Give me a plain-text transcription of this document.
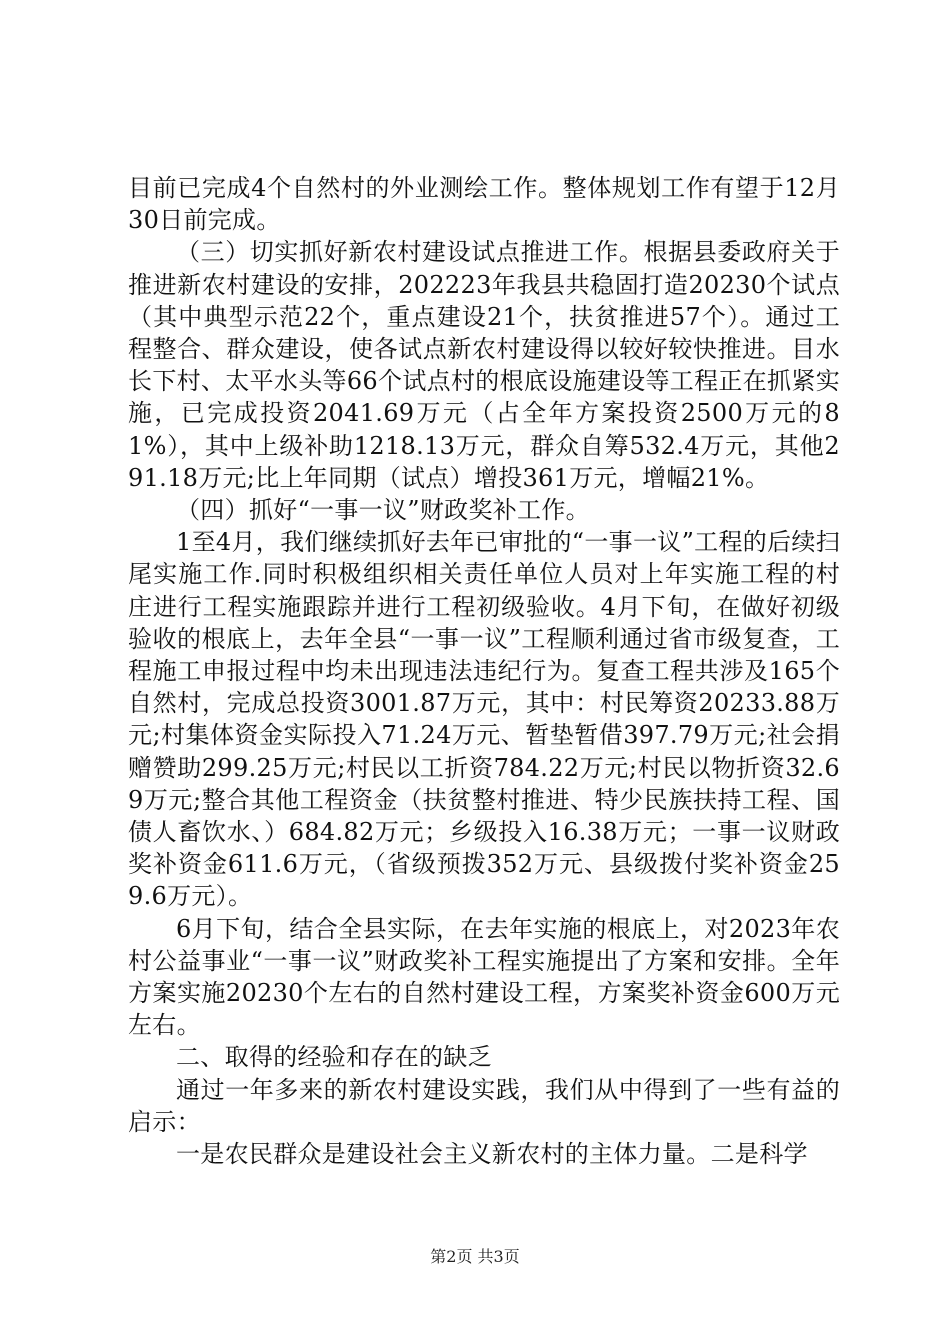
目前已完成4个自然村的外业测绘工作。整体规划工作有望于12月30日前完成。

（三）切实抓好新农村建设试点推进工作。根据县委政府关于推进新农村建设的安排，202223年我县共稳固打造20230个试点（其中典型示范22个，重点建设21个，扶贫推进57个）。通过工程整合、群众建设，使各试点新农村建设得以较好较快推进。目水长下村、太平水头等66个试点村的根底设施建设等工程正在抓紧实施，已完成投资2041.69万元（占全年方案投资2500万元的81%），其中上级补助1218.13万元，群众自筹532.4万元，其他291.18万元;比上年同期（试点）增投361万元，增幅21%。

（四）抓好“一事一议”财政奖补工作。

1至4月，我们继续抓好去年已审批的“一事一议”工程的后续扫尾实施工作.同时积极组织相关责任单位人员对上年实施工程的村庄进行工程实施跟踪并进行工程初级验收。4月下旬，在做好初级验收的根底上，去年全县“一事一议”工程顺利通过省市级复查，工程施工申报过程中均未出现违法违纪行为。复查工程共涉及165个自然村，完成总投资3001.87万元，其中：村民筹资20233.88万元;村集体资金实际投入71.24万元、暂垫暂借397.79万元;社会捐赠赞助299.25万元;村民以工折资784.22万元;村民以物折资32.69万元;整合其他工程资金（扶贫整村推进、特少民族扶持工程、国债人畜饮水、）684.82万元；乡级投入16.38万元；一事一议财政奖补资金611.6万元，（省级预拨352万元、县级拨付奖补资金259.6万元）。

6月下旬，结合全县实际，在去年实施的根底上，对2023年农村公益事业“一事一议”财政奖补工程实施提出了方案和安排。全年方案实施20230个左右的自然村建设工程，方案奖补资金600万元左右。

二、取得的经验和存在的缺乏

通过一年多来的新农村建设实践，我们从中得到了一些有益的启示：

一是农民群众是建设社会主义新农村的主体力量。二是科学

第2页 共3页
